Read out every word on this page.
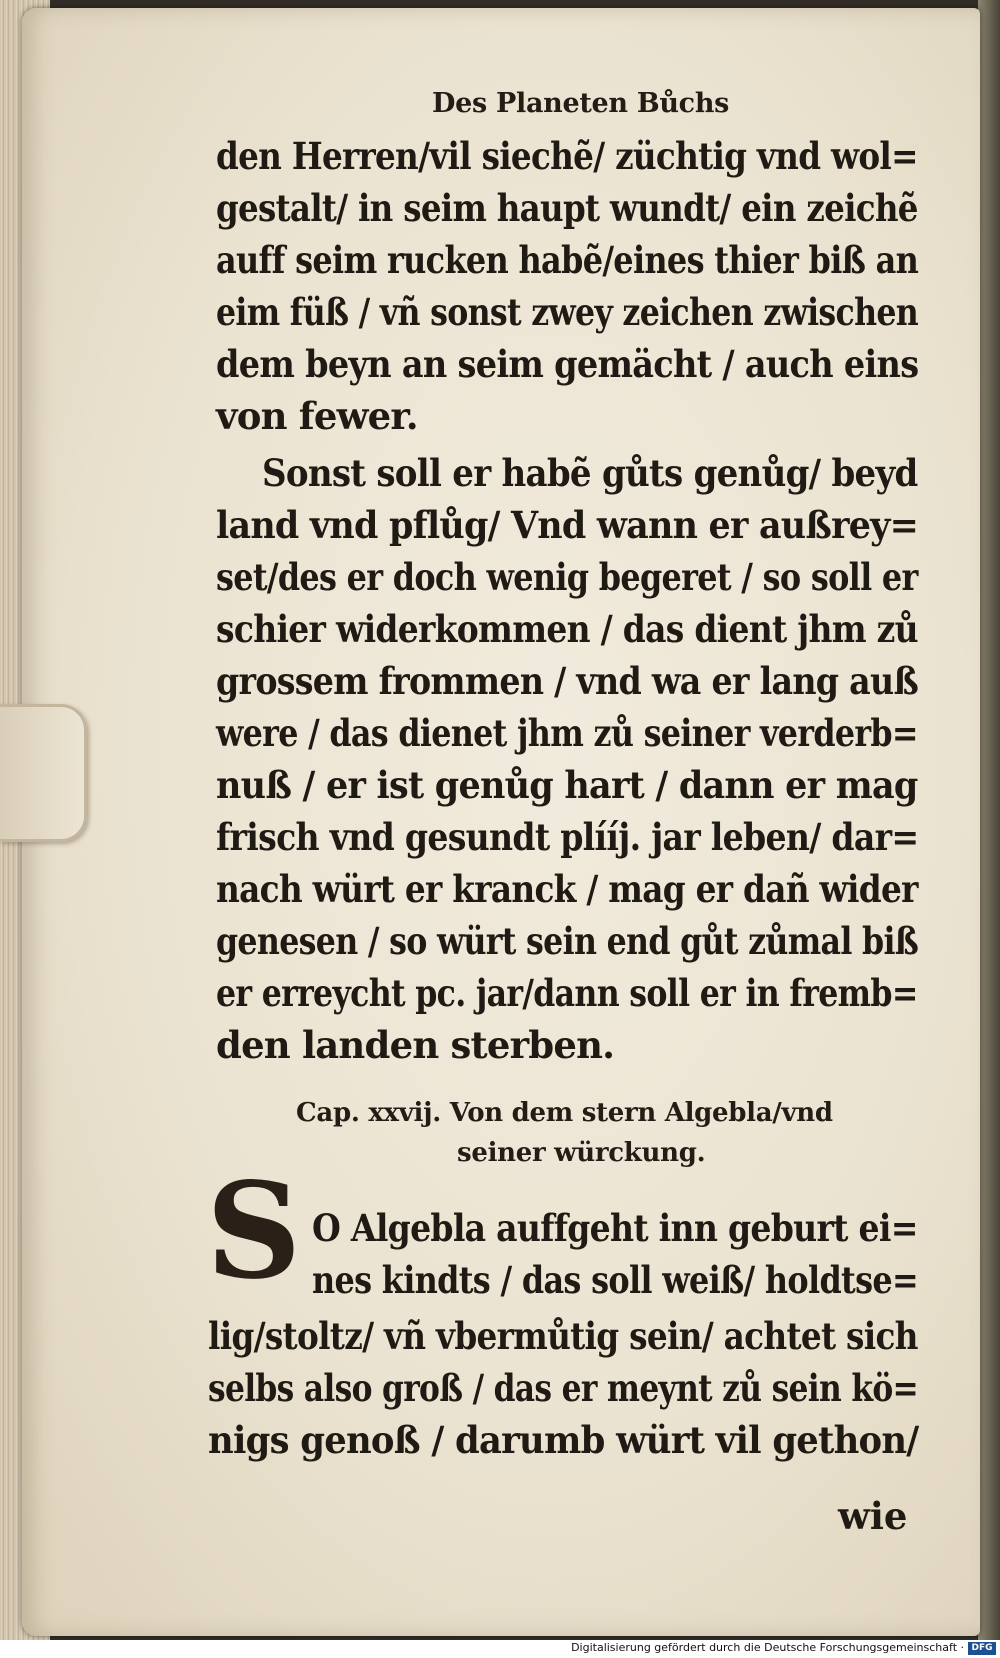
Des Planeten Bůchs
den Herren/vil siechẽ/ züchtig vnd wol=
gestalt/ in seim haupt wundt/ ein zeichẽ
auff seim rucken habẽ/eines thier biß an
eim füß / vñ sonst zwey zeichen zwischen
dem beyn an seim gemächt / auch eins
von fewer.
Sonst soll er habẽ gůts genůg/ beyd
land vnd pflůg/ Vnd wann er außrey=
set/des er doch wenig begeret / so soll er
schier widerkommen / das dient jhm zů
grossem frommen / vnd wa er lang auß
were / das dienet jhm zů seiner verderb=
nuß / er ist genůg hart / dann er mag
frisch vnd gesundt plííj. jar leben/ dar=
nach würt er kranck / mag er dañ wider
genesen / so würt sein end gůt zůmal biß
er erreycht pc. jar/dann soll er in fremb=
den landen sterben.
Cap. xxvij. Von dem stern Algebla/vnd
seiner würckung.
S O Algebla auffgeht inn geburt ei=
nes kindts / das soll weiß/ holdtse=
lig/stoltz/ vñ vbermůtig sein/ achtet sich
selbs also groß / das er meynt zů sein kö=
nigs genoß / darumb würt vil gethon/
wie
Digitalisierung gefördert durch die Deutsche Forschungsgemeinschaft · DFG
